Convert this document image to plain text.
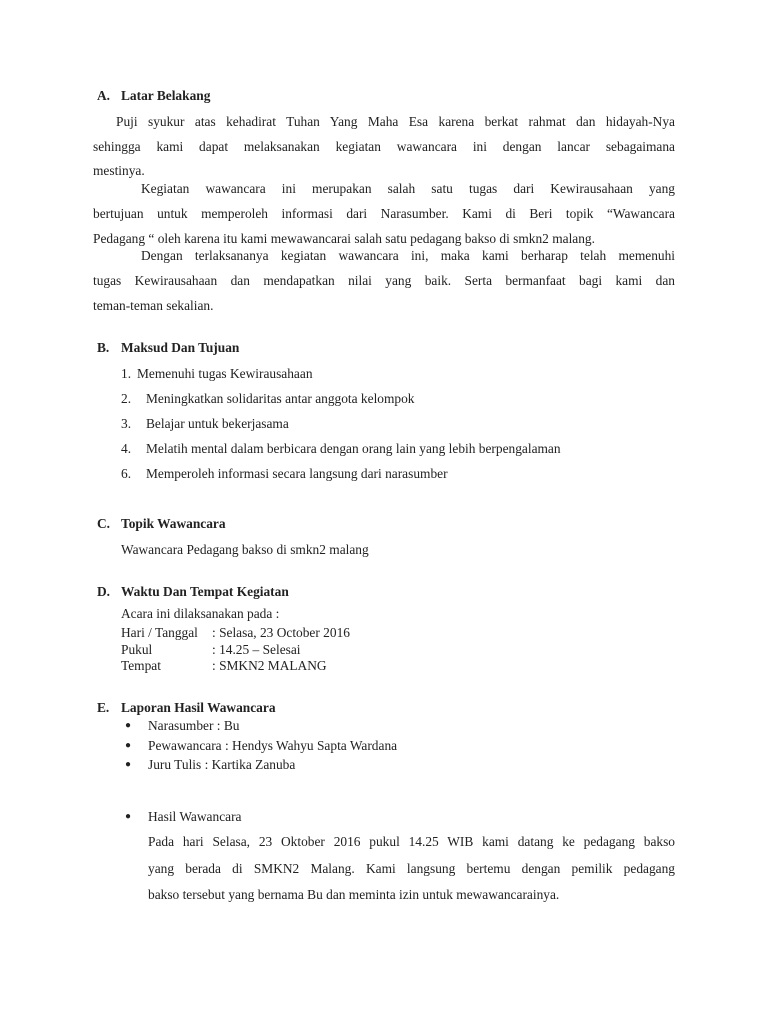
A. Latar Belakang
Puji syukur atas kehadirat Tuhan Yang Maha Esa karena berkat rahmat dan hidayah-Nya
sehingga kami dapat melaksanakan kegiatan wawancara ini dengan lancar sebagaimana
mestinya.
Kegiatan wawancara ini merupakan salah satu tugas dari Kewirausahaan yang
bertujuan untuk memperoleh informasi dari Narasumber. Kami di Beri topik “Wawancara
Pedagang “ oleh karena itu kami mewawancarai salah satu pedagang bakso di smkn2 malang.
Dengan terlaksananya kegiatan wawancara ini, maka kami berharap telah memenuhi
tugas Kewirausahaan dan mendapatkan nilai yang baik. Serta bermanfaat bagi kami dan
teman-teman sekalian.
B. Maksud Dan Tujuan
1. Memenuhi tugas Kewirausahaan
2. Meningkatkan solidaritas antar anggota kelompok
3. Belajar untuk bekerjasama
4. Melatih mental dalam berbicara dengan orang lain yang lebih berpengalaman
6. Memperoleh informasi secara langsung dari narasumber
C. Topik Wawancara
Wawancara Pedagang bakso di smkn2 malang
D. Waktu Dan Tempat Kegiatan
Acara ini dilaksanakan pada :
Hari / Tanggal : Selasa, 23 October 2016
Pukul	: 14.25 – Selesai
Tempat	: SMKN2 MALANG
E. Laporan Hasil Wawancara
● Narasumber : Bu
● Pewawancara : Hendys Wahyu Sapta Wardana
● Juru Tulis : Kartika Zanuba
● Hasil Wawancara
Pada hari Selasa, 23 Oktober 2016 pukul 14.25 WIB kami datang ke pedagang bakso
yang berada di SMKN2 Malang. Kami langsung bertemu dengan pemilik pedagang
bakso tersebut yang bernama Bu dan meminta izin untuk mewawancarainya.
